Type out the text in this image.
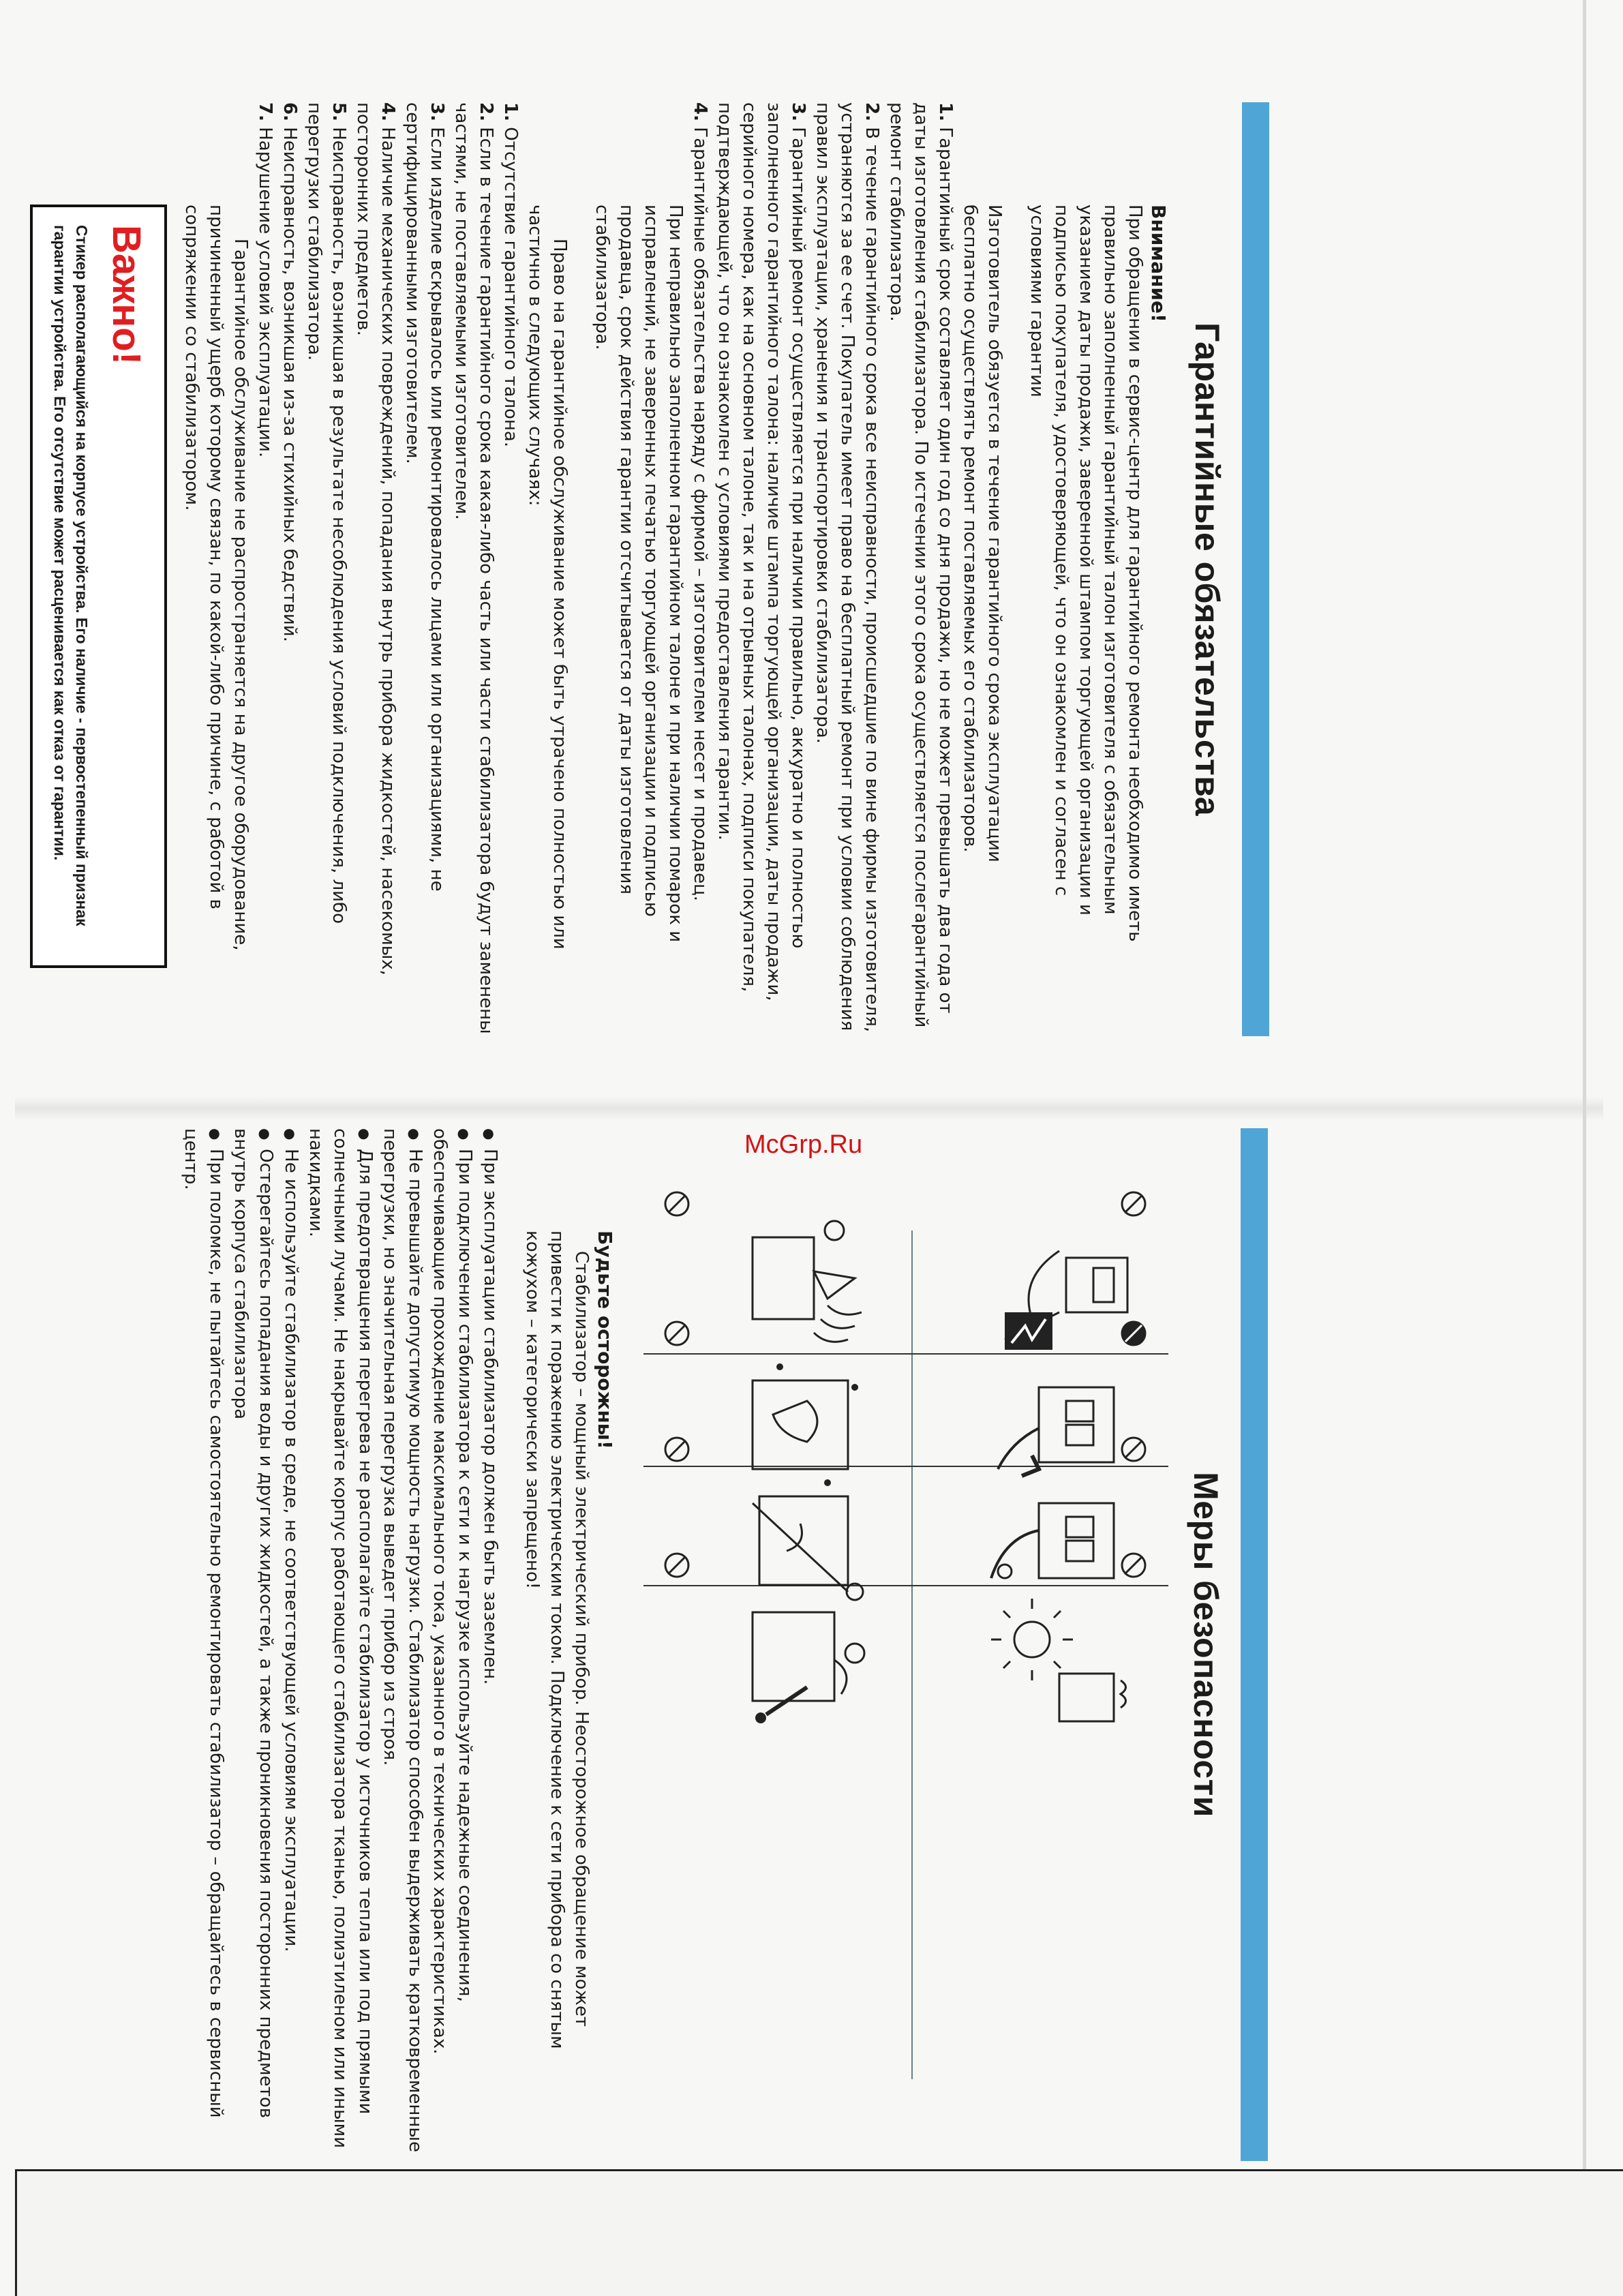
McGrp.Ru
Гарантийные обязательства

Внимание!

При обращении в сервис-центр для гарантийного ремонта необходимо иметь правильно заполненный гарантийный талон изготовителя с обязательным указанием даты продажи, заверенной штампом торгующей организации и подписью покупателя, удостоверяющей, что он ознакомлен и согласен с условиями гарантии

Изготовитель обязуется в течение гарантийного срока эксплуатации бесплатно осуществлять ремонт поставляемых его стабилизаторов.

1. Гарантийный срок составляет один год со дня продажи, но не может превышать два года от даты изготовления стабилизатора. По истечении этого срока осуществляется послегарантийный ремонт стабилизатора.
2. В течение гарантийного срока все неисправности, происшедшие по вине фирмы изготовителя, устраняются за ее счет. Покупатель имеет право на бесплатный ремонт при условии соблюдения правил эксплуатации, хранения и транспортировки стабилизатора.
3. Гарантийный ремонт осуществляется при наличии правильно, аккуратно и полностью заполненного гарантийного талона: наличие штампа торгующей организации, даты продажи, серийного номера, как на основном талоне, так и на отрывных талонах, подписи покупателя, подтверждающей, что он ознакомлен с условиями предоставления гарантии.
4. Гарантийные обязательства наряду с фирмой – изготовителем несет и продавец.

При неправильно заполненном гарантийном талоне и при наличии помарок и исправлений, не заверенных печатью торгующей организации и подписью продавца, срок действия гарантии отсчитывается от даты изготовления стабилизатора.

Право на гарантийное обслуживание может быть утрачено полностью или частично в следующих случаях:

1. Отсутствие гарантийного талона.
2. Если в течение гарантийного срока какая-либо часть или части стабилизатора будут заменены частями, не поставляемыми изготовителем.
3. Если изделие вскрывалось или ремонтировалось лицами или организациями, не сертифицированными изготовителем.
4. Наличие механических повреждений, попадания внутрь прибора жидкостей, насекомых, посторонних предметов.
5. Неисправность, возникшая в результате несоблюдения условий подключения, либо перегрузки стабилизатора.
6. Неисправность, возникшая из-за стихийных бедствий.
7. Нарушение условий эксплуатации.

Гарантийное обслуживание не распространяется на другое оборудование, причиненный ущерб которому связан, по какой-либо причине, с работой в сопряжении со стабилизатором.

Важно!

Стикер располагающийся на корпусе устройства. Его наличие - первостепенный признак гарантии устройства. Его отсутствие может расценивается как отказ от гарантии.

Меры безопасности

Будьте осторожны!

Стабилизатор – мощный электрический прибор. Неосторожное обращение может привести к поражению электрическим током. Подключение к сети прибора со снятым кожухом – категорически запрещено!

●  При эксплуатации стабилизатор должен быть заземлен.
●  При подключении стабилизатора к сети и к нагрузке используйте надежные соединения, обеспечивающие прохождение максимального тока, указанного в технических характеристиках.
●  Не превышайте допустимую мощность нагрузки. Стабилизатор способен выдерживать кратковременные перегрузки, но значительная перегрузка выведет прибор из строя.
●  Для предотвращения перегрева не располагайте стабилизатор у источников тепла или под прямыми солнечными лучами. Не накрывайте корпус работающего стабилизатора тканью, полиэтиленом или иными накидками.
●  Не используйте стабилизатор в среде, не соответствующей условиям эксплуатации.
●  Остерегайтесь попадания воды и других жидкостей, а также проникновения посторонних предметов внутрь корпуса стабилизатора
●  При поломке, не пытайтесь самостоятельно ремонтировать стабилизатор – обращайтесь в сервисный центр.
